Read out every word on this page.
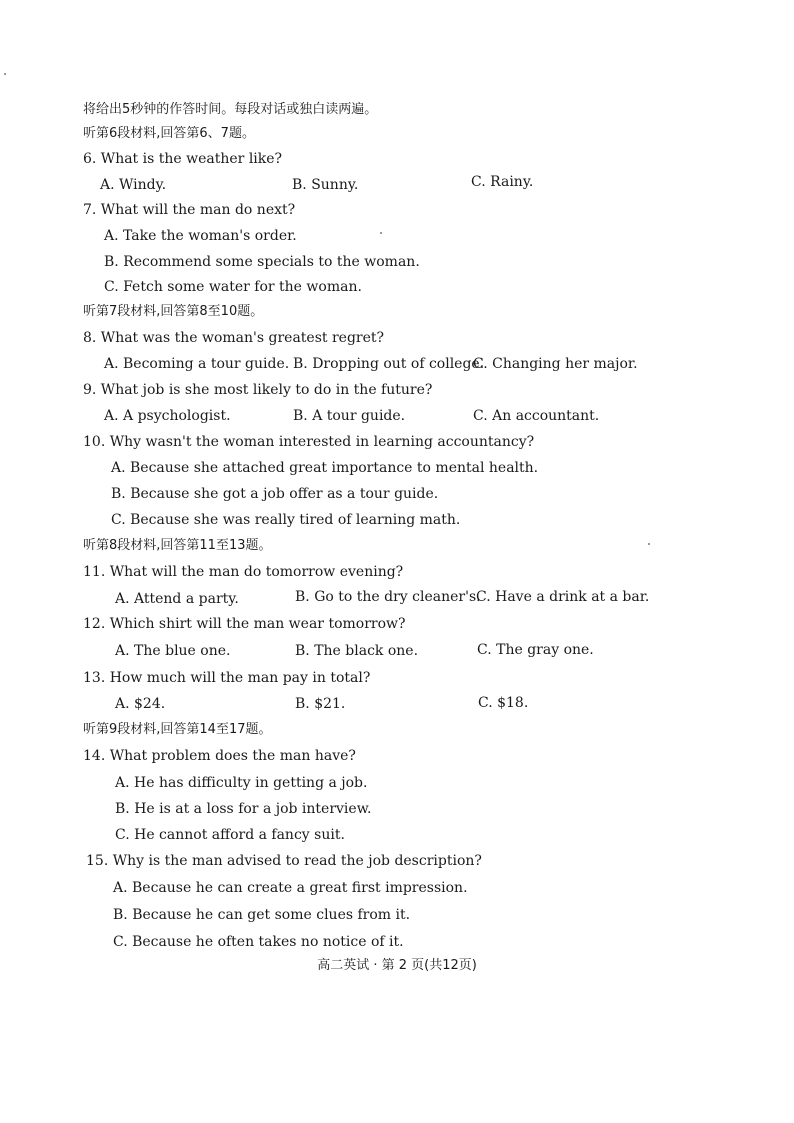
将给出5秒钟的作答时间。每段对话或独白读两遍。
听第6段材料,回答第6、7题。
6. What is the weather like?
A. Windy.	B. Sunny.	C. Rainy.
7. What will the man do next?
A. Take the woman's order.
B. Recommend some specials to the woman.
C. Fetch some water for the woman.
听第7段材料,回答第8至10题。
8. What was the woman's greatest regret?
A. Becoming a tour guide. B. Dropping out of college.
C. Changing her major.
9. What job is she most likely to do in the future?
A. A psychologist.	B. A tour guide.	C. An accountant.
10. Why wasn't the woman interested in learning accountancy?
A. Because she attached great importance to mental health.
B. Because she got a job offer as a tour guide.
C. Because she was really tired of learning math.
听第8段材料,回答第11至13题。
11. What will the man do tomorrow evening?
A. Attend a party.	B. Go to the dry cleaner's.
C. Have a drink at a bar.
12. Which shirt will the man wear tomorrow?
A. The blue one.	B. The black one.	C. The gray one.
13. How much will the man pay in total?
A. $24.	B. $21.	C. $18.
听第9段材料,回答第14至17题。
14. What problem does the man have?
A. He has difficulty in getting a job.
B. He is at a loss for a job interview.
C. He cannot afford a fancy suit.
15. Why is the man advised to read the job description?
A. Because he can create a great first impression.
B. Because he can get some clues from it.
C. Because he often takes no notice of it.
高二英试 · 第 2 页(共12页)
